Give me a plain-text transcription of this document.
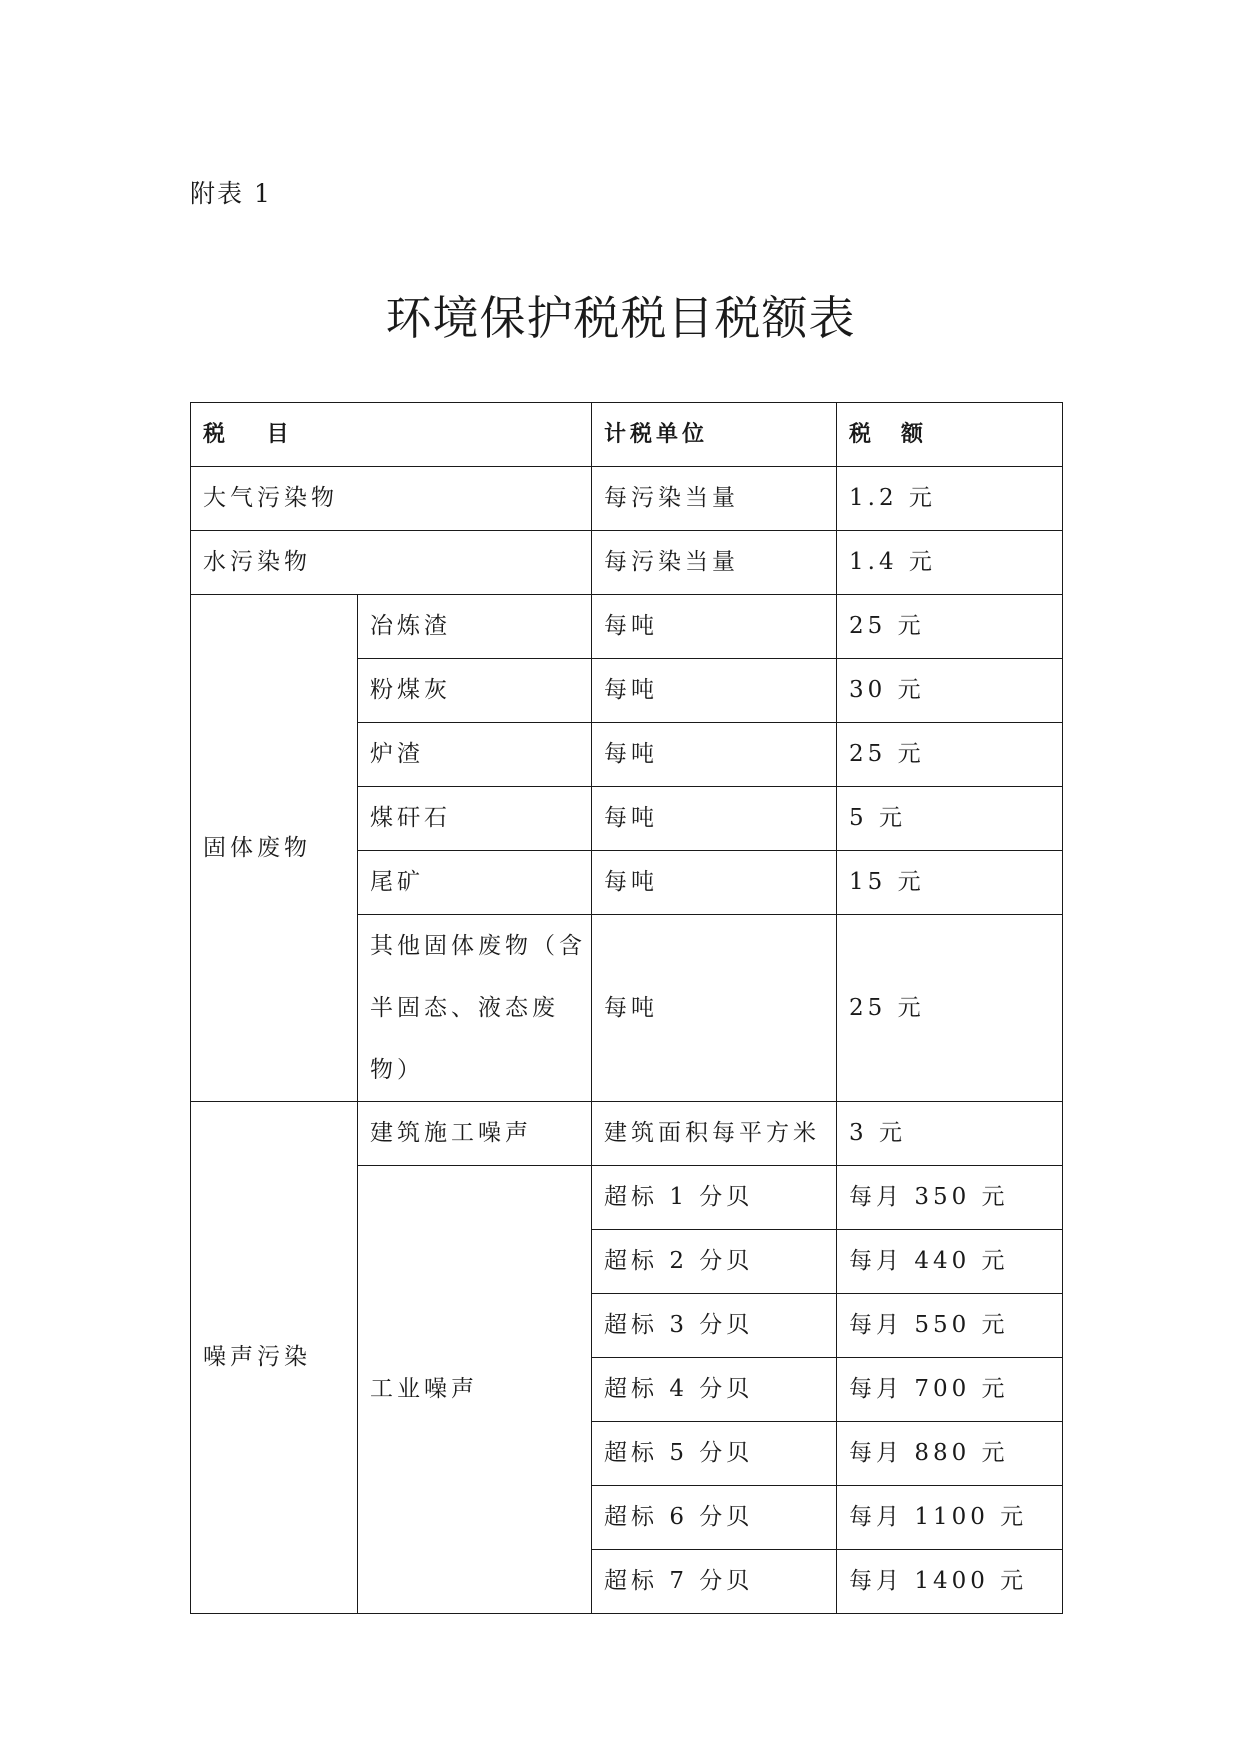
附表 1
环境保护税税目税额表
税　 目		计税单位	税　额
大气污染物		每污染当量	1.2 元
水污染物		每污染当量	1.4 元
固体废物	冶炼渣	每吨	25 元
	粉煤灰	每吨	30 元
	炉渣	每吨	25 元
	煤矸石	每吨	5 元
	尾矿	每吨	15 元
	其他固体废物（含半固态、液态废物）	每吨	25 元
噪声污染	建筑施工噪声	建筑面积每平方米	3 元
	工业噪声	超标 1 分贝	每月 350 元
		超标 2 分贝	每月 440 元
		超标 3 分贝	每月 550 元
		超标 4 分贝	每月 700 元
		超标 5 分贝	每月 880 元
		超标 6 分贝	每月 1100 元
		超标 7 分贝	每月 1400 元
